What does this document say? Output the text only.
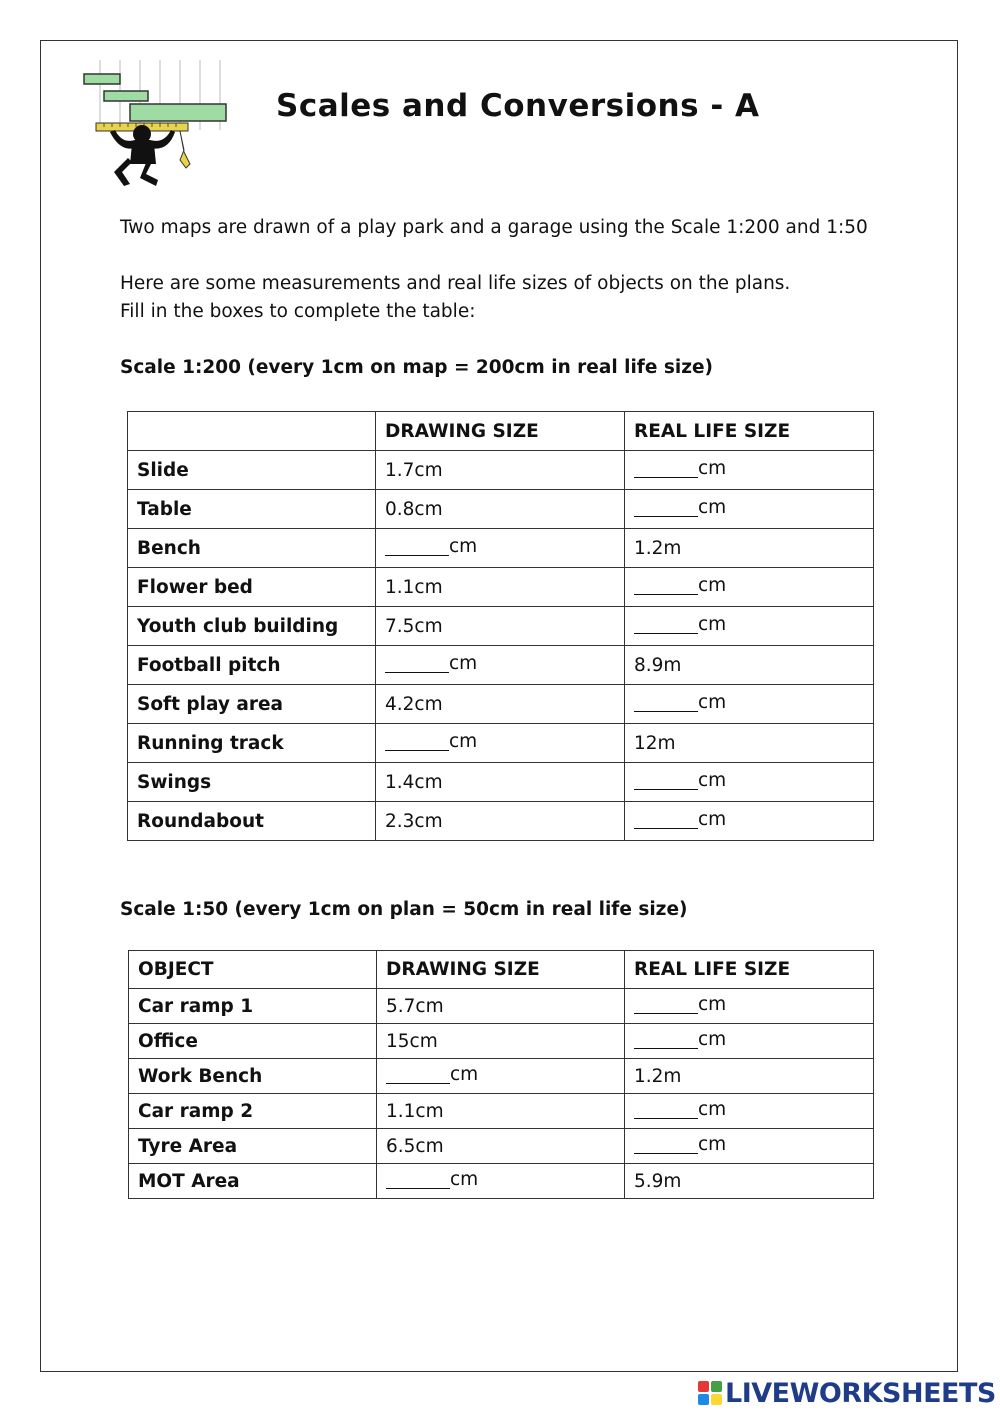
Scales and Conversions - A
Two maps are drawn of a play park and a garage using the Scale 1:200 and 1:50
Here are some measurements and real life sizes of objects on the plans.
Fill in the boxes to complete the table:
Scale 1:200 (every 1cm on map = 200cm in real life size)
	DRAWING SIZE	REAL LIFE SIZE
Slide	1.7cm	cm
Table	0.8cm	cm
Bench	cm	1.2m
Flower bed	1.1cm	cm
Youth club building	7.5cm	cm
Football pitch	cm	8.9m
Soft play area	4.2cm	cm
Running track	cm	12m
Swings	1.4cm	cm
Roundabout	2.3cm	cm
Scale 1:50 (every 1cm on plan = 50cm in real life size)
OBJECT	DRAWING SIZE	REAL LIFE SIZE
Car ramp 1	5.7cm	cm
Office	15cm	cm
Work Bench	cm	1.2m
Car ramp 2	1.1cm	cm
Tyre Area	6.5cm	cm
MOT Area	cm	5.9m
LIVEWORKSHEETS
